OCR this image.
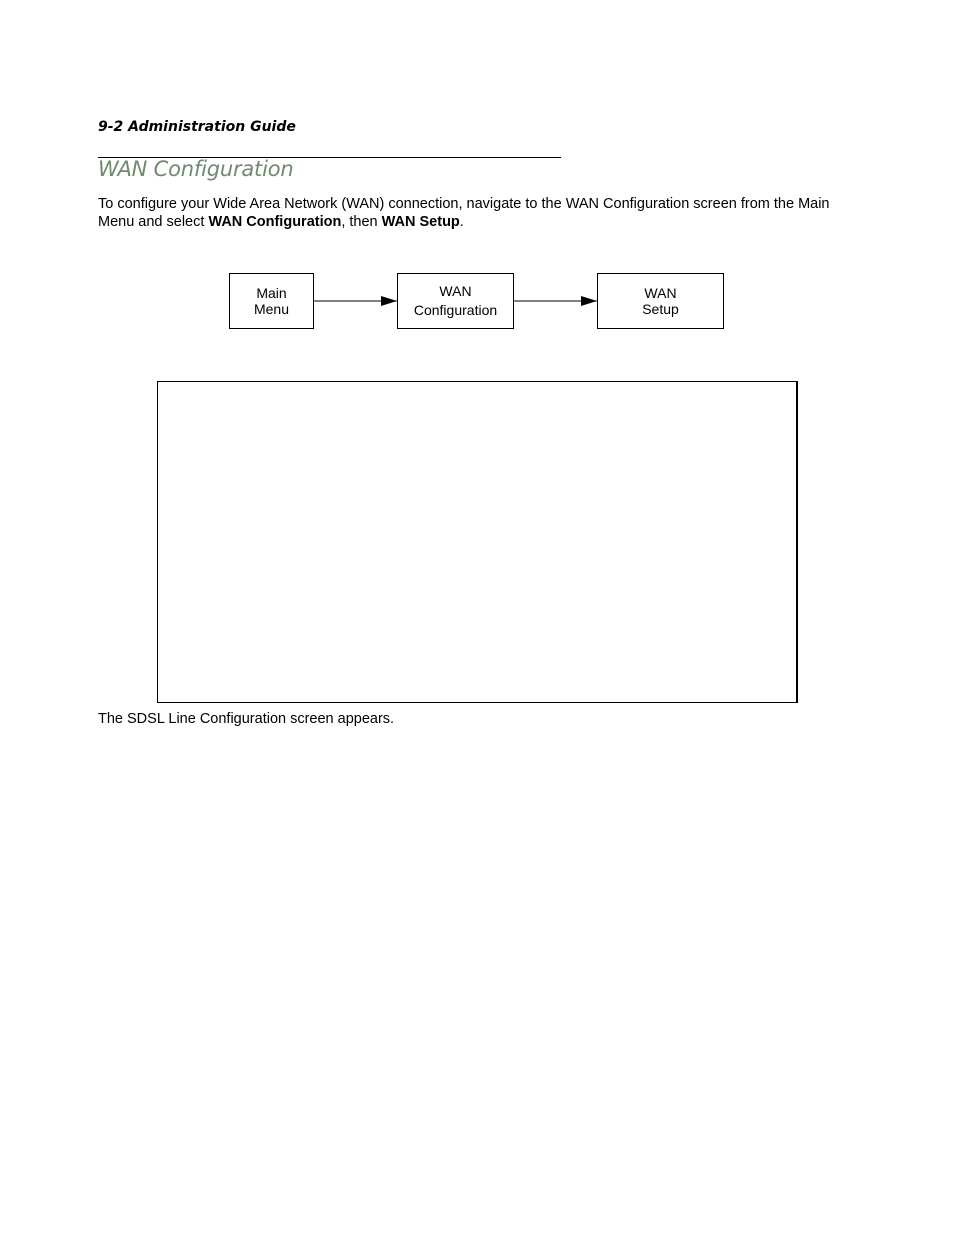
9-2 Administration Guide
WAN Configuration

To configure your Wide Area Network (WAN) connection, navigate to the WAN Configuration screen from the Main Menu and select WAN Configuration, then WAN Setup.

Main
Menu
WAN
Configuration
WAN
Setup

The SDSL Line Configuration screen appears.
